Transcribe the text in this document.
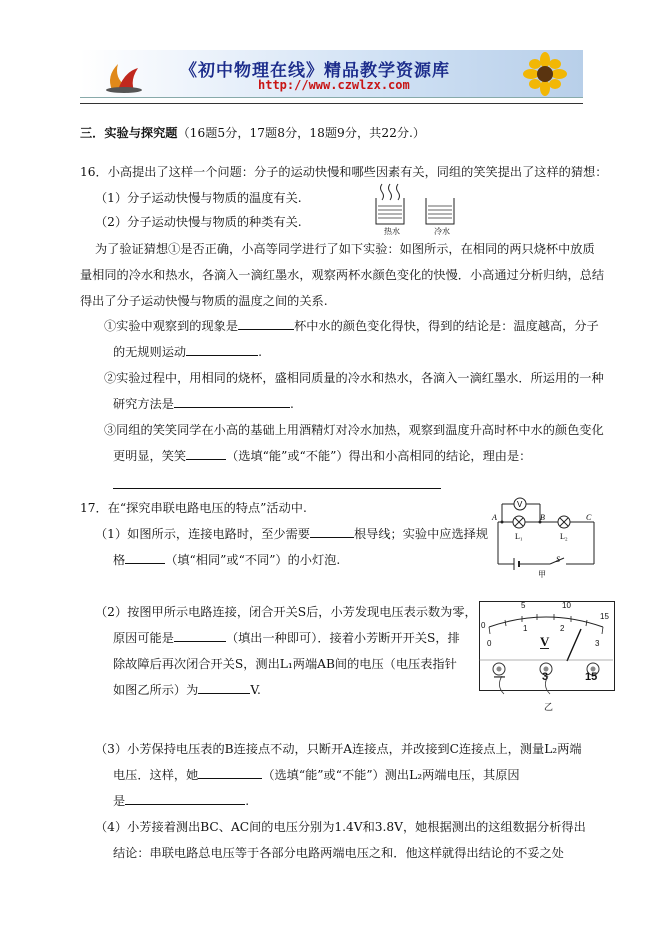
《初中物理在线》精品教学资源库
http://www.czwlzx.com
三．实验与探究题（16题5分，17题8分，18题9分，共22分.）
16．小高提出了这样一个问题：分子的运动快慢和哪些因素有关，同组的笑笑提出了这样的猜想：
（1）分子运动快慢与物质的温度有关.
（2）分子运动快慢与物质的种类有关.
热水	冷水
为了验证猜想①是否正确，小高等同学进行了如下实验：如图所示，在相同的两只烧杯中放质
量相同的冷水和热水，各滴入一滴红墨水，观察两杯水颜色变化的快慢．小高通过分析归纳，总结
得出了分子运动快慢与物质的温度之间的关系.
①实验中观察到的现象是	杯中水的颜色变化得快，得到的结论是：温度越高，分子
的无规则运动	.
②实验过程中，用相同的烧杯，盛相同质量的冷水和热水，各滴入一滴红墨水．所运用的一种
研究方法是	.
③同组的笑笑同学在小高的基础上用酒精灯对冷水加热，观察到温度升高时杯中水的颜色变化
更明显，笑笑	（选填“能”或“不能”）得出和小高相同的结论，理由是：
17．在“探究串联电路电压的特点”活动中.
（1）如图所示，连接电路时，至少需要	根导线；实验中应选择规
格	（填“相同”或“不同”）的小灯泡.
V
A	B	C
L₁	L₂
S
甲
（2）按图甲所示电路连接，闭合开关S后，小芳发现电压表示数为零，
原因可能是	（填出一种即可）．接着小芳断开开关S，排
除故障后再次闭合开关S，测出L₁两端AB间的电压（电压表指针
如图乙所示）为	V.
0
5	10
15
0
1	2
3
V
—	3	15
乙
（3）小芳保持电压表的B连接点不动，只断开A连接点，并改接到C连接点上，测量L₂两端
电压．这样，她	（选填“能”或“不能”）测出L₂两端电压，其原因
是	.
（4）小芳接着测出BC、AC间的电压分别为1.4V和3.8V，她根据测出的这组数据分析得出
结论：串联电路总电压等于各部分电路两端电压之和．他这样就得出结论的不妥之处
